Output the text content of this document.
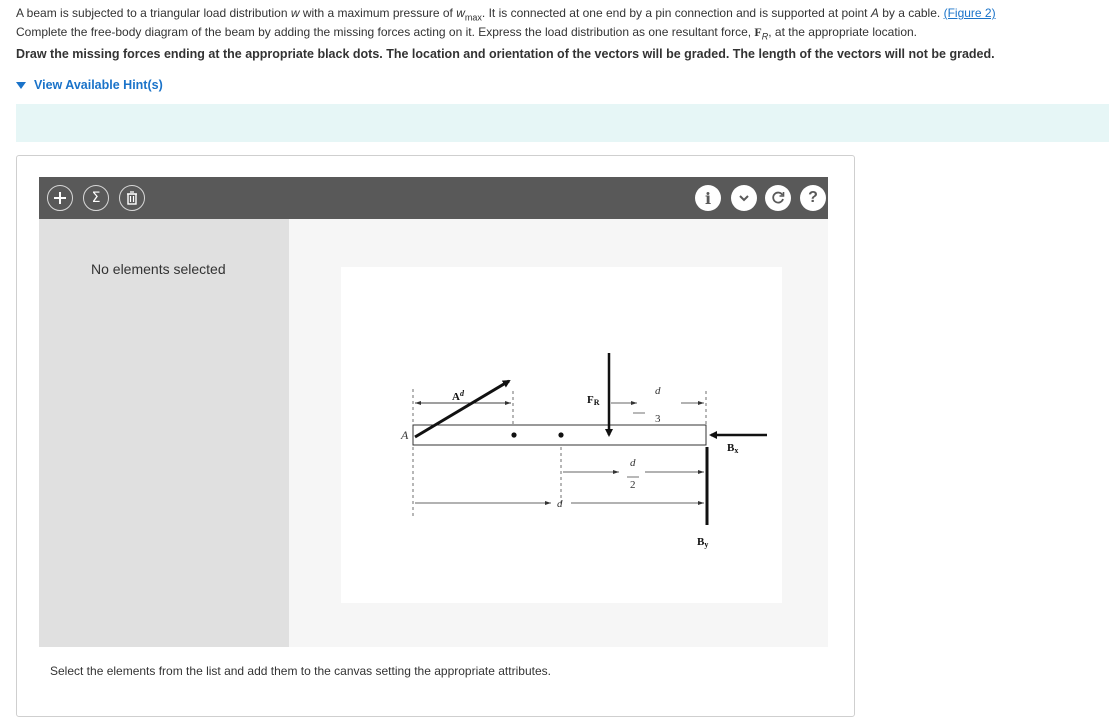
A beam is subjected to a triangular load distribution w with a maximum pressure of $w_{max}$. It is connected at one end by a pin connection and is supported at point A by a cable. (Figure 2)
Complete the free-body diagram of the beam by adding the missing forces acting on it. Express the load distribution as one resultant force, $F_R$, at the appropriate location.
Draw the missing forces ending at the appropriate black dots. The location and orientation of the vectors will be graded. The length of the vectors will not be graded.
View Available Hint(s)
Σ	i	?
No elements selected
A
$A^d$
FR
d
3
d
2
d
Bx
By
Select the elements from the list and add them to the canvas setting the appropriate attributes.
